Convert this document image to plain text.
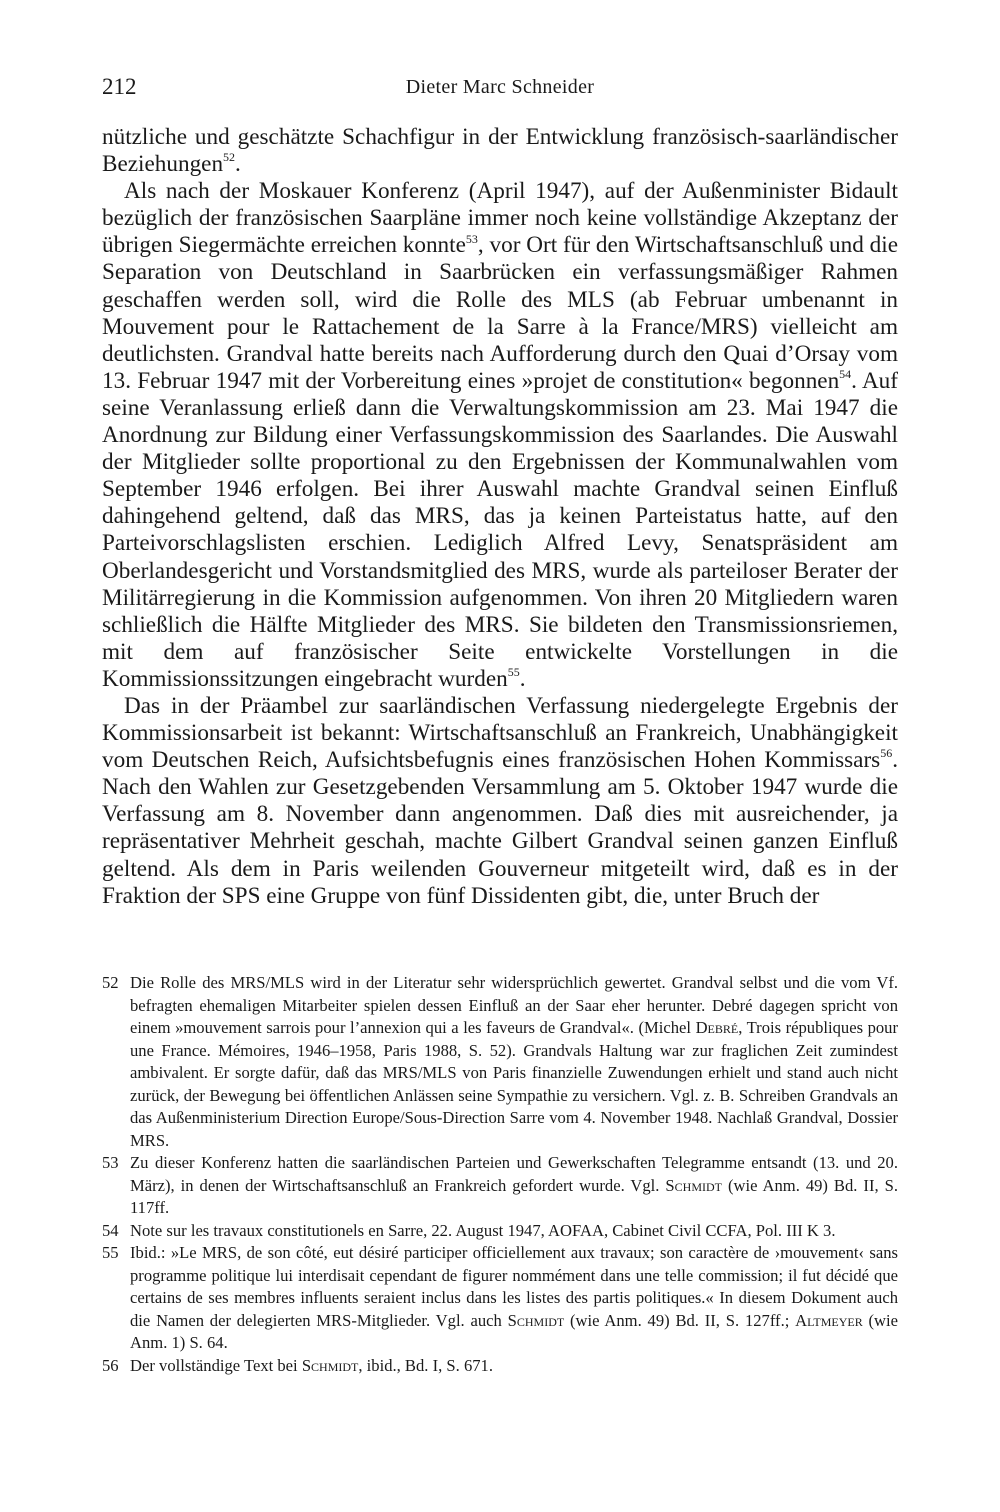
212	Dieter Marc Schneider

nützliche und geschätzte Schachfigur in der Entwicklung französisch-saarländischer Beziehungen$^{52}$.

Als nach der Moskauer Konferenz (April 1947), auf der Außenminister Bidault bezüglich der französischen Saarpläne immer noch keine vollständige Akzeptanz der übrigen Siegermächte erreichen konnte$^{53}$, vor Ort für den Wirtschaftsanschluß und die Separation von Deutschland in Saarbrücken ein verfassungsmäßiger Rahmen geschaffen werden soll, wird die Rolle des MLS (ab Februar umbenannt in Mouvement pour le Rattachement de la Sarre à la France/MRS) vielleicht am deutlichsten. Grandval hatte bereits nach Aufforderung durch den Quai d’Orsay vom 13. Februar 1947 mit der Vorbereitung eines »projet de constitution« begonnen$^{54}$. Auf seine Veranlassung erließ dann die Verwaltungskommission am 23. Mai 1947 die Anordnung zur Bildung einer Verfassungskommission des Saarlandes. Die Auswahl der Mitglieder sollte proportional zu den Ergebnissen der Kommunalwahlen vom September 1946 erfolgen. Bei ihrer Auswahl machte Grandval seinen Einfluß dahingehend geltend, daß das MRS, das ja keinen Parteistatus hatte, auf den Parteivorschlagslisten erschien. Lediglich Alfred Levy, Senatspräsident am Oberlandesgericht und Vorstandsmitglied des MRS, wurde als parteiloser Berater der Militärregierung in die Kommission aufgenommen. Von ihren 20 Mitgliedern waren schließlich die Hälfte Mitglieder des MRS. Sie bildeten den Transmissionsriemen, mit dem auf französischer Seite entwickelte Vorstellungen in die Kommissionssitzungen eingebracht wurden$^{55}$.

Das in der Präambel zur saarländischen Verfassung niedergelegte Ergebnis der Kommissionsarbeit ist bekannt: Wirtschaftsanschluß an Frankreich, Unabhängigkeit vom Deutschen Reich, Aufsichtsbefugnis eines französischen Hohen Kommissars$^{56}$. Nach den Wahlen zur Gesetzgebenden Versammlung am 5. Oktober 1947 wurde die Verfassung am 8. November dann angenommen. Daß dies mit ausreichender, ja repräsentativer Mehrheit geschah, machte Gilbert Grandval seinen ganzen Einfluß geltend. Als dem in Paris weilenden Gouverneur mitgeteilt wird, daß es in der Fraktion der SPS eine Gruppe von fünf Dissidenten gibt, die, unter Bruch der

52 Die Rolle des MRS/MLS wird in der Literatur sehr widersprüchlich gewertet. Grandval selbst und die vom Vf. befragten ehemaligen Mitarbeiter spielen dessen Einfluß an der Saar eher herunter. Debré dagegen spricht von einem »mouvement sarrois pour l’annexion qui a les faveurs de Grandval«. (Michel Debré, Trois républiques pour une France. Mémoires, 1946–1958, Paris 1988, S. 52). Grandvals Haltung war zur fraglichen Zeit zumindest ambivalent. Er sorgte dafür, daß das MRS/MLS von Paris finanzielle Zuwendungen erhielt und stand auch nicht zurück, der Bewegung bei öffentlichen Anlässen seine Sympathie zu versichern. Vgl. z. B. Schreiben Grandvals an das Außenministerium Direction Europe/Sous-Direction Sarre vom 4. November 1948. Nachlaß Grandval, Dossier MRS.
53 Zu dieser Konferenz hatten die saarländischen Parteien und Gewerkschaften Telegramme entsandt (13. und 20. März), in denen der Wirtschaftsanschluß an Frankreich gefordert wurde. Vgl. Schmidt (wie Anm. 49) Bd. II, S. 117ff.
54 Note sur les travaux constitutionels en Sarre, 22. August 1947, AOFAA, Cabinet Civil CCFA, Pol. III K 3.
55 Ibid.: »Le MRS, de son côté, eut désiré participer officiellement aux travaux; son caractère de ›mouvement‹ sans programme politique lui interdisait cependant de figurer nommément dans une telle commission; il fut décidé que certains de ses membres influents seraient inclus dans les listes des partis politiques.« In diesem Dokument auch die Namen der delegierten MRS-Mitglieder. Vgl. auch Schmidt (wie Anm. 49) Bd. II, S. 127ff.; Altmeyer (wie Anm. 1) S. 64.
56 Der vollständige Text bei Schmidt, ibid., Bd. I, S. 671.
